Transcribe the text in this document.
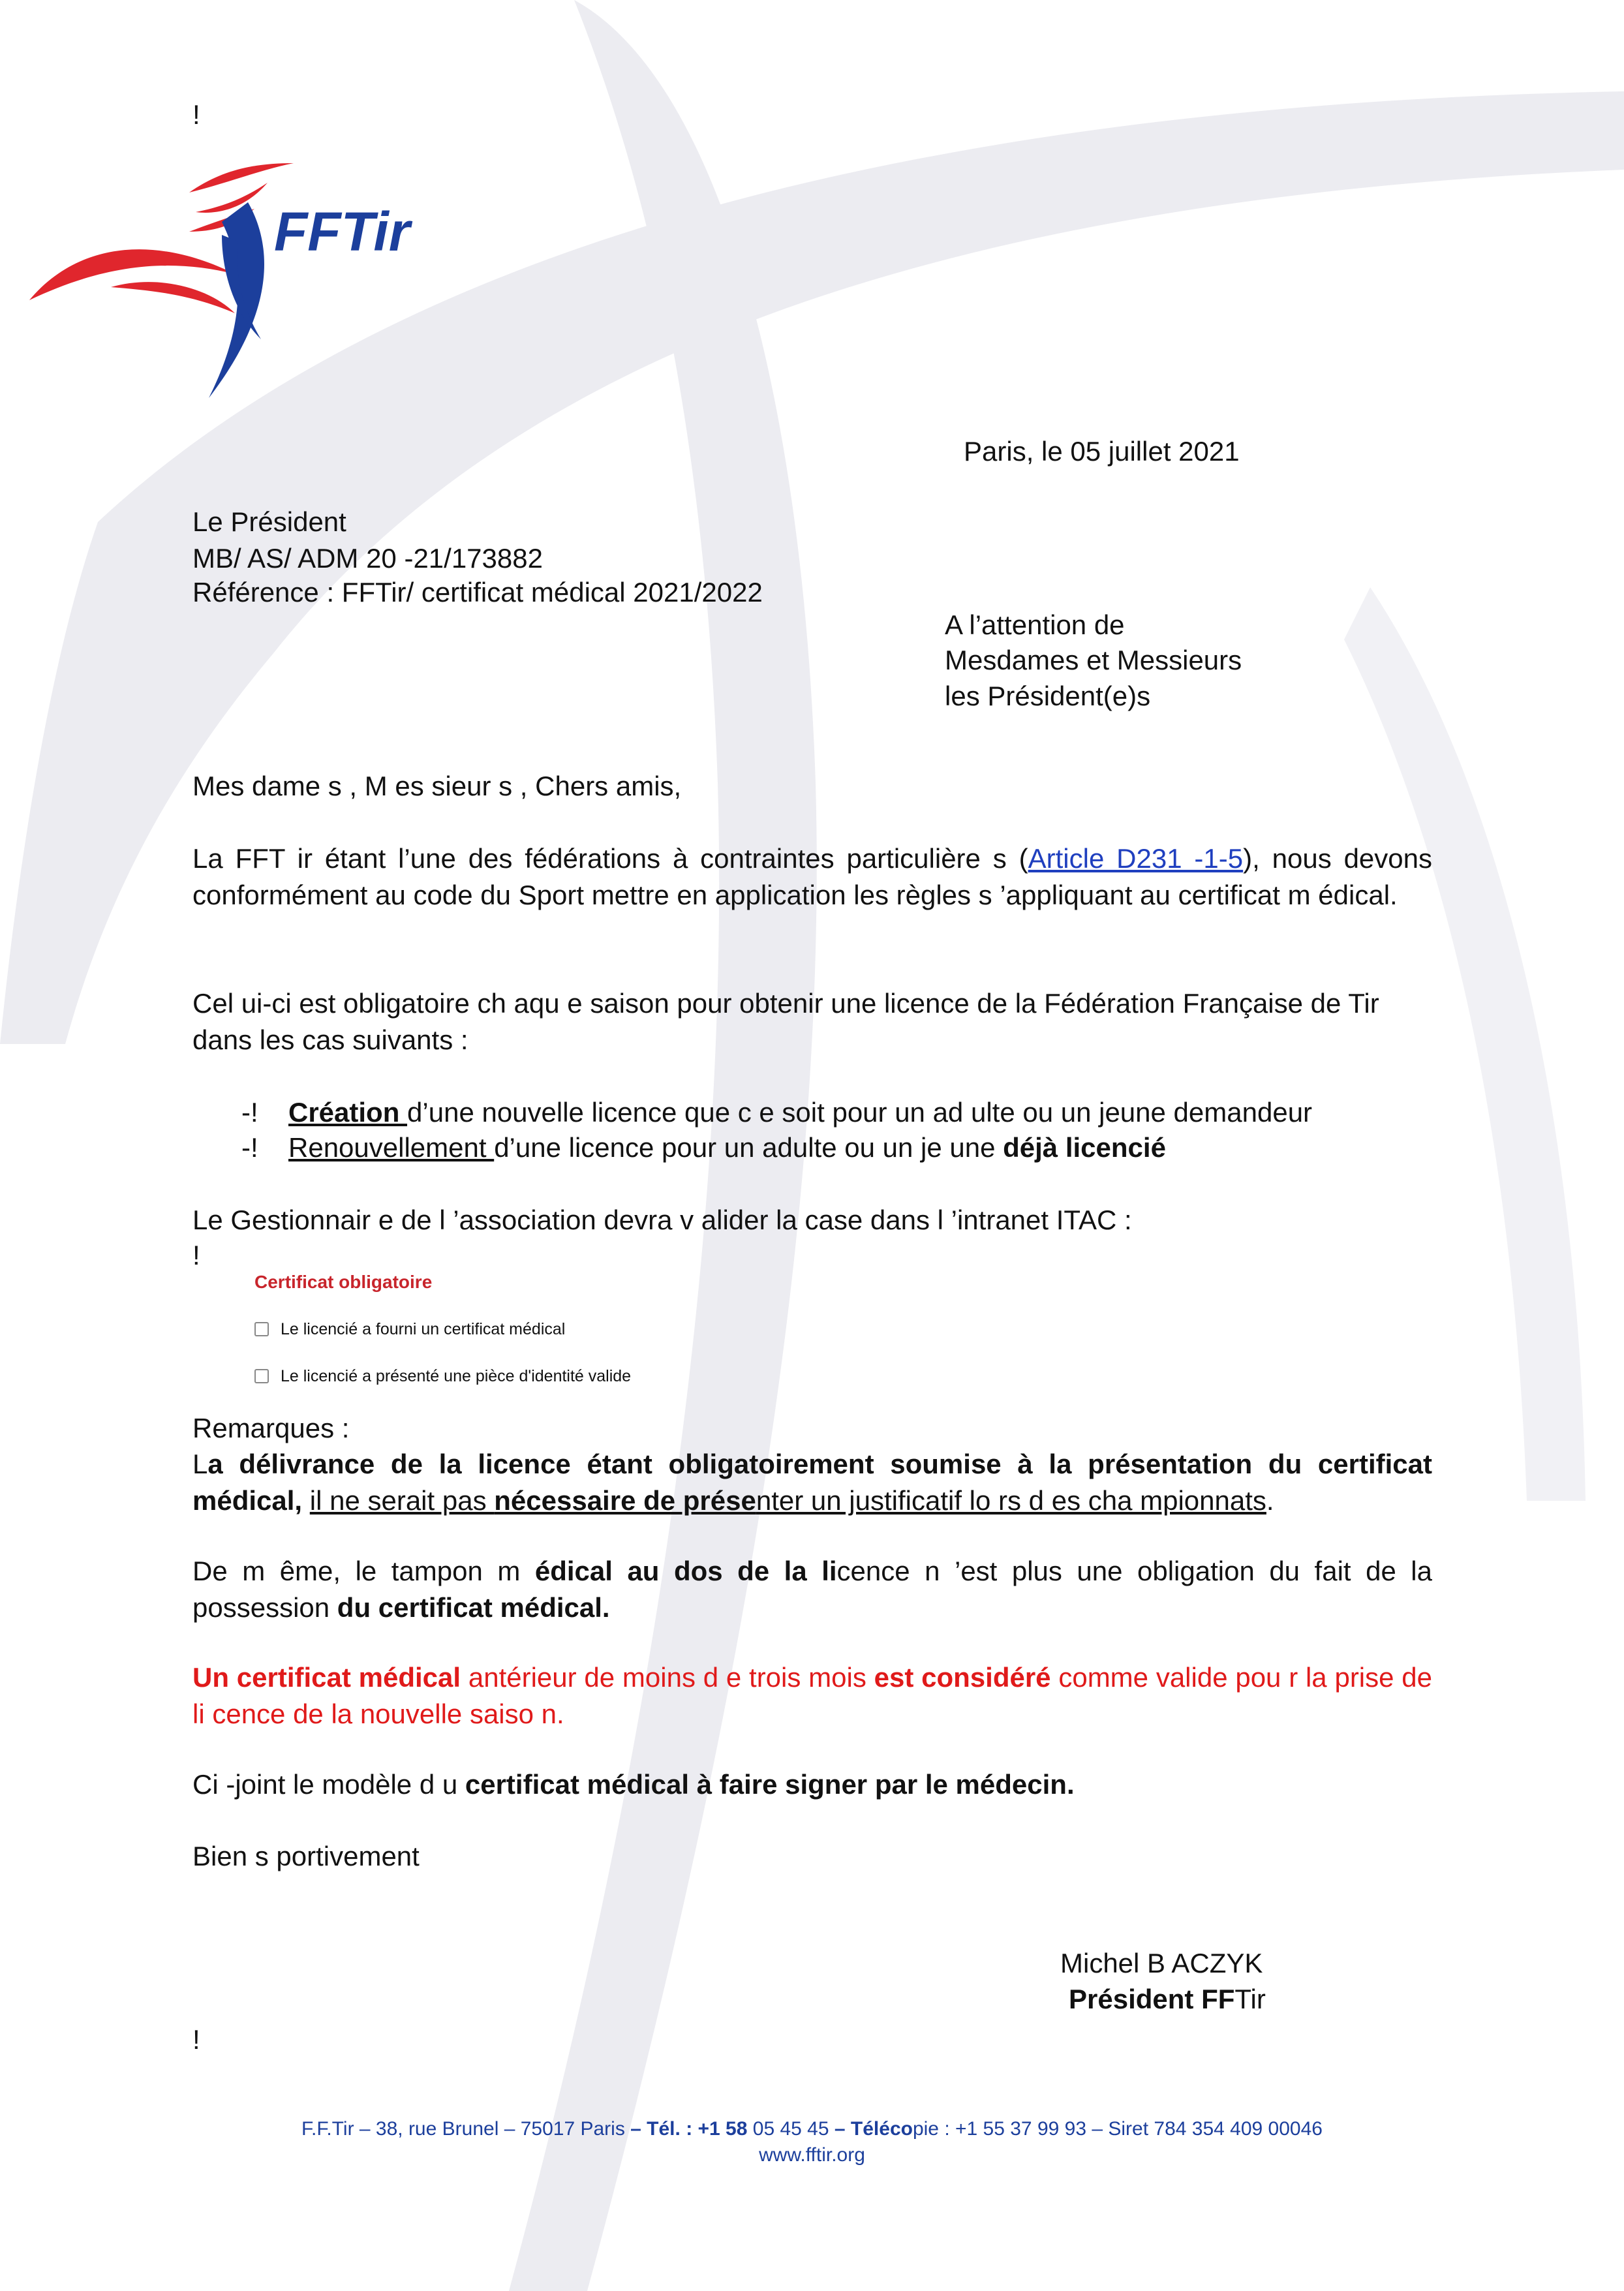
!
FFTir
Paris, le 05 juillet 2021
Le Président
MB/ AS/ ADM 20 -21/173882
Référence : FFTir/ certificat médical 2021/2022
A l’attention de
Mesdames et Messieurs
les Président(e)s
Mes dame s , M es sieur s , Chers amis,
La FFT ir étant l’une des fédérations à contraintes particulière s (Article D231 -1-5), nous devons conformément au code du Sport mettre en application les règles s ’appliquant au certificat m édical.
Cel ui-ci est obligatoire ch aqu e saison pour obtenir une licence de la Fédération Française de Tir dans les cas suivants :
-! Création d’une nouvelle licence que c e soit pour un ad ulte ou un jeune demandeur
-! Renouvellement d’une licence pour un adulte ou un je une déjà licencié
Le Gestionnair e de l ’association devra v alider la case dans l ’intranet ITAC :
!
Certificat obligatoire
Le licencié a fourni un certificat médical
Le licencié a présenté une pièce d'identité valide
Remarques :
La délivrance de la licence étant obligatoirement soumise à la présentation du certificat médical, il ne serait pas nécessaire de présenter un justificatif lo rs d es cha mpionnats.
De m ême, le tampon m édical au dos de la licence n ’est plus une obligation du fait de la possession du certificat médical.
Un certificat médical antérieur de moins d e trois mois est considéré comme valide pou r la prise de li cence de la nouvelle saiso n.
Ci -joint le modèle d u certificat médical à faire signer par le médecin.
Bien s portivement
Michel B ACZYK
Président FFTir
!
F.F.Tir – 38, rue Brunel – 75017 Paris – Tél. : +1 58 05 45 45 – Télécopie : +1 55 37 99 93 – Siret 784 354 409 00046
www.fftir.org
